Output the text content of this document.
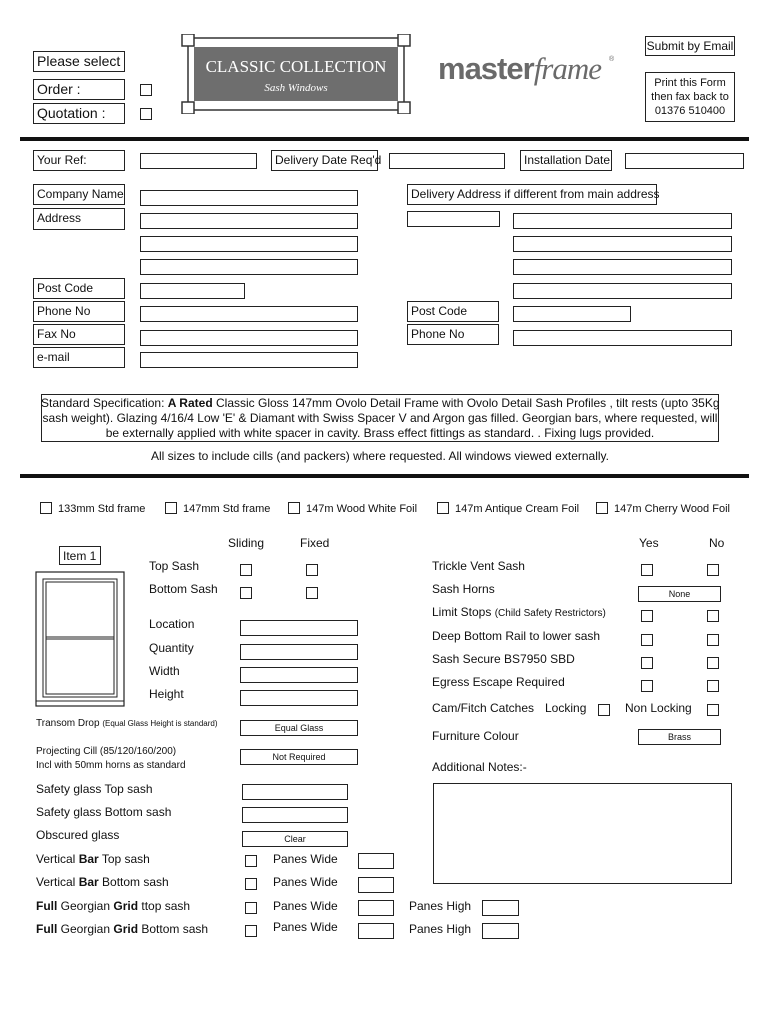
Please select
Order :
Quotation :
CLASSIC COLLECTION
Sash Windows
masterframe ®
Submit by Email
Print this Form
then fax back to
01376 510400
Your Ref:	Delivery Date Req'd	Installation Date
Company Name	Delivery Address if different from main address
Address
Post Code
Phone No	Post Code
Fax No	Phone No
e-mail
Standard Specification: A Rated Classic Gloss 147mm Ovolo Detail Frame with Ovolo Detail Sash Profiles , tilt rests (upto 35Kg
sash weight). Glazing 4/16/4 Low 'E' & Diamant with Swiss Spacer V and Argon gas filled. Georgian bars, where requested, will
be externally applied with white spacer in cavity. Brass effect fittings as standard. . Fixing lugs provided.
All sizes to include cills (and packers) where requested. All windows viewed externally.
133mm Std frame	147mm Std frame	147m Wood White Foil	147m Antique Cream Foil	147m Cherry Wood Foil
Item 1
Sliding	Fixed	Yes	No
Top Sash
Bottom Sash
Location
Quantity
Width
Height
Transom Drop (Equal Glass Height is standard)	Equal Glass
Projecting Cill (85/120/160/200)
Incl with 50mm horns as standard
Not Required
Safety glass Top sash
Safety glass Bottom sash
Obscured glass	Clear
Vertical Bar Top sash	Panes Wide
Vertical Bar Bottom sash	Panes Wide
Full Georgian Grid ttop sash	Panes Wide	Panes High
Full Georgian Grid Bottom sash	Panes Wide	Panes High
Trickle Vent Sash
Sash Horns	None
Limit Stops (Child Safety Restrictors)
Deep Bottom Rail to lower sash
Sash Secure BS7950 SBD
Egress Escape Required
Cam/Fitch Catches Locking	Non Locking
Furniture Colour	Brass
Additional Notes:-
